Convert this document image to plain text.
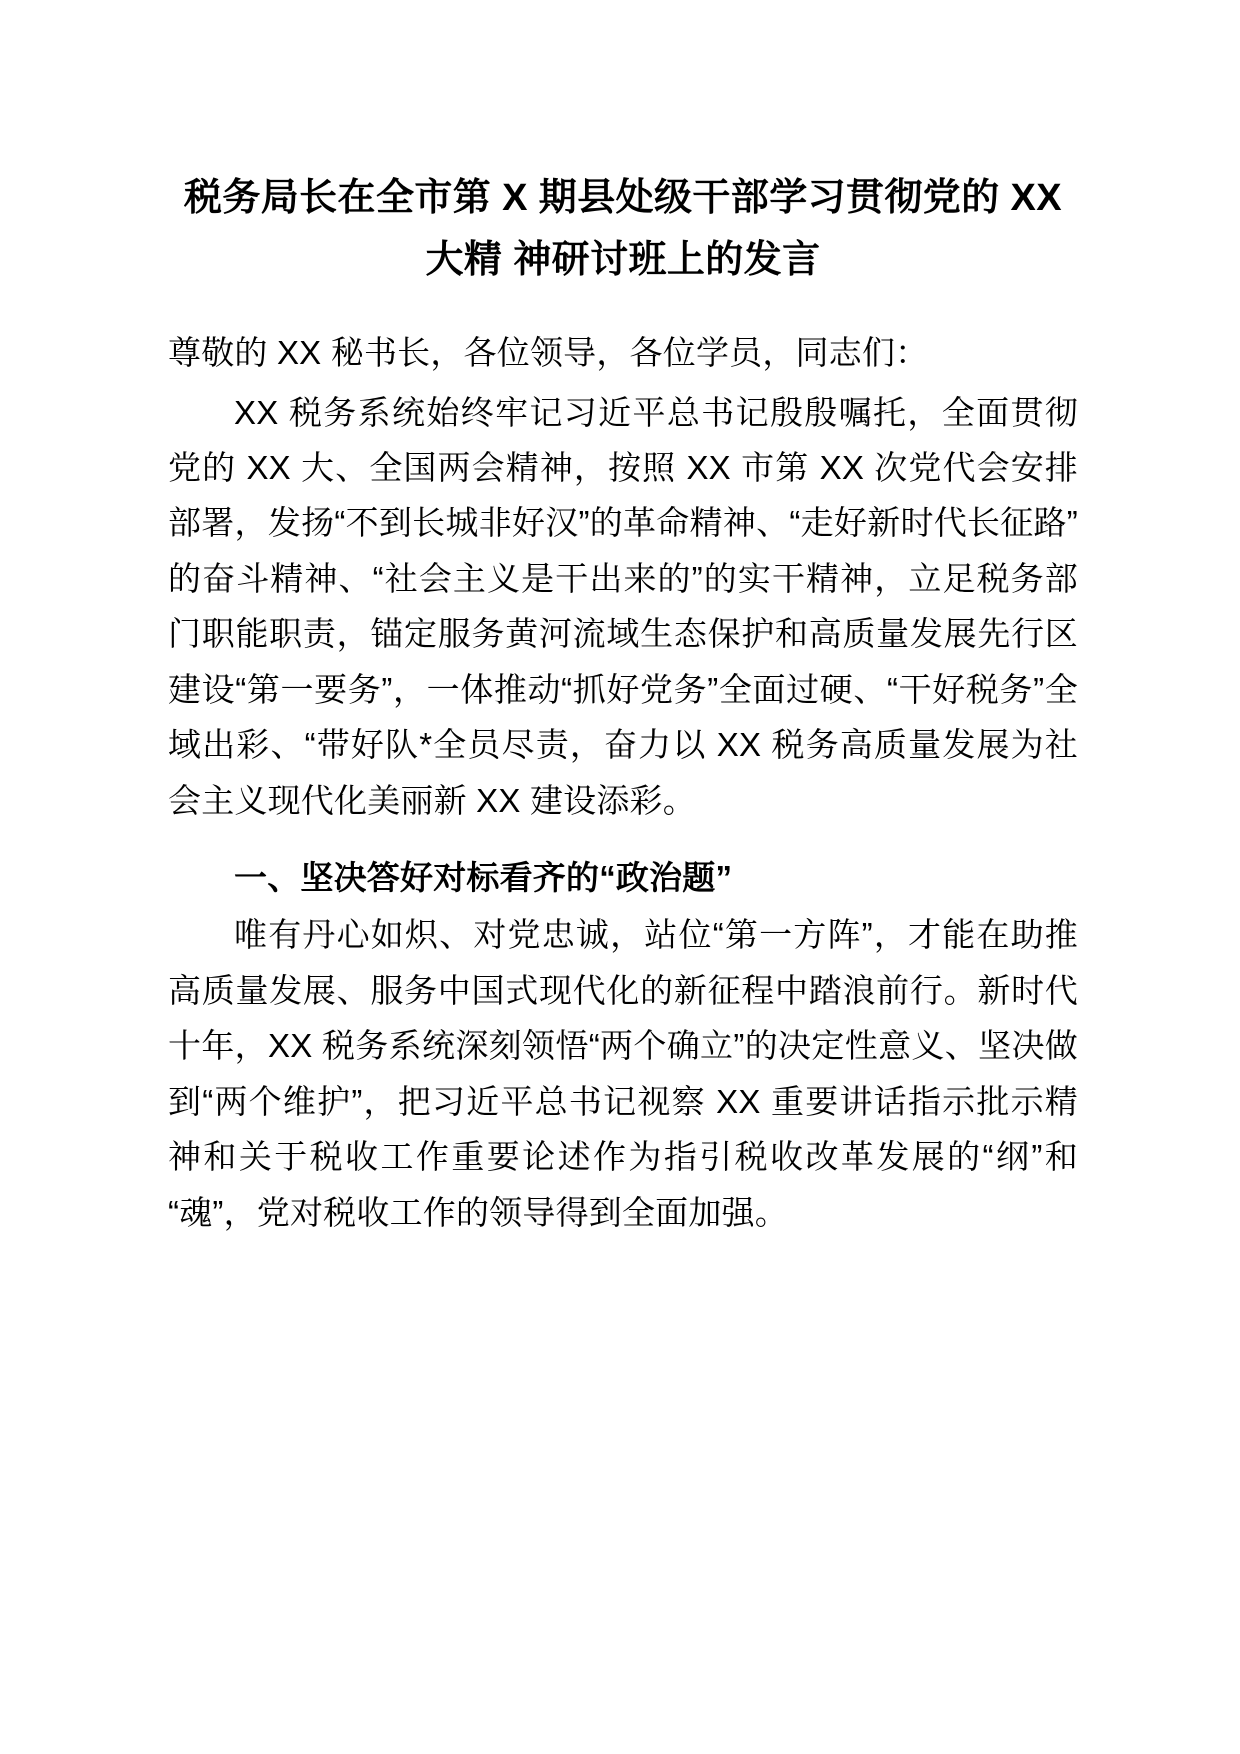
税务局长在全市第 X 期县处级干部学习贯彻党的 XX 大精 神研讨班上的发言

尊敬的 XX 秘书长，各位领导，各位学员，同志们：

XX 税务系统始终牢记习近平总书记殷殷嘱托，全面贯彻党的 XX 大、全国两会精神，按照 XX 市第 XX 次党代会安排部署，发扬“不到长城非好汉”的革命精神、“走好新时代长征路”的奋斗精神、“社会主义是干出来的”的实干精神，立足税务部门职能职责，锚定服务黄河流域生态保护和高质量发展先行区建设“第一要务”，一体推动“抓好党务”全面过硬、“干好税务”全域出彩、“带好队*全员尽责，奋力以 XX 税务高质量发展为社会主义现代化美丽新 XX 建设添彩。

一、坚决答好对标看齐的“政治题”

唯有丹心如炽、对党忠诚，站位“第一方阵”，才能在助推高质量发展、服务中国式现代化的新征程中踏浪前行。新时代十年，XX 税务系统深刻领悟“两个确立”的决定性意义、坚决做到“两个维护”，把习近平总书记视察 XX 重要讲话指示批示精神和关于税收工作重要论述作为指引税收改革发展的“纲”和“魂”，党对税收工作的领导得到全面加强。
